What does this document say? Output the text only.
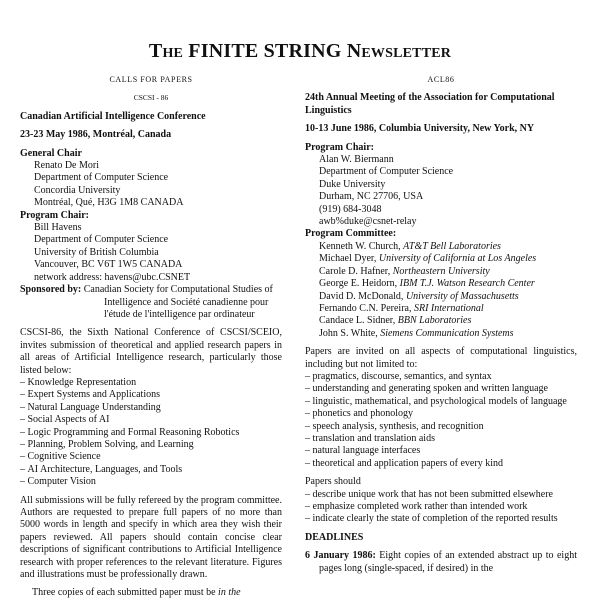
THE FINITE STRING NEWSLETTER
CALLS FOR PAPERS
CSCSI - 86

Canadian Artificial Intelligence Conference

23-23 May 1986, Montréal, Canada

General Chair

Renato De Mori

Department of Computer Science

Concordia University

Montréal, Qué, H3G 1M8 CANADA

Program Chair:

Bill Havens

Department of Computer Science

University of British Columbia

Vancouver, BC V6T 1W5 CANADA

network address: havens@ubc.CSNET

Sponsored by: Canadian Society for Computational Studies of Intelligence and Société canadienne pour l'étude de l'intelligence par ordinateur

CSCSI-86, the Sixth National Conference of CSCSI/SCEIO, invites submission of theoretical and applied research papers in all areas of Artificial Intelligence research, particularly those listed below:

– Knowledge Representation
– Expert Systems and Applications
– Natural Language Understanding
– Social Aspects of AI
– Logic Programming and Formal Reasoning Robotics
– Planning, Problem Solving, and Learning
– Cognitive Science
– AI Architecture, Languages, and Tools
– Computer Vision

All submissions will be fully refereed by the program committee. Authors are requested to prepare full papers of no more than 5000 words in length and specify in which area they wish their papers reviewed. All papers should contain concise clear descriptions of significant contributions to Artificial Intelligence research with proper references to the relevant literature. Figures and illustrations must be professionally drawn.

Three copies of each submitted paper must be in the

ACL86

24th Annual Meeting of the Association for Computational Linguistics

10-13 June 1986, Columbia University, New York, NY

Program Chair:

Alan W. Biermann

Department of Computer Science

Duke University

Durham, NC 27706, USA

(919) 684-3048

awb%duke@csnet-relay

Program Committee:

Kenneth W. Church, AT&T Bell Laboratories

Michael Dyer, University of California at Los Angeles

Carole D. Hafner, Northeastern University

George E. Heidorn, IBM T.J. Watson Research Center

David D. McDonald, University of Massachusetts

Fernando C.N. Pereira, SRI International

Candace L. Sidner, BBN Laboratories

John S. White, Siemens Communication Systems

Papers are invited on all aspects of computational linguistics, including but not limited to:

– pragmatics, discourse, semantics, and syntax
– understanding and generating spoken and written language
– linguistic, mathematical, and psychological models of language
– phonetics and phonology
– speech analysis, synthesis, and recognition
– translation and translation aids
– natural language interfaces
– theoretical and application papers of every kind

Papers should

– describe unique work that has not been submitted elsewhere
– emphasize completed work rather than intended work
– indicate clearly the state of completion of the reported results

DEADLINES

6 January 1986: Eight copies of an extended abstract up to eight pages long (single-spaced, if desired) in the
